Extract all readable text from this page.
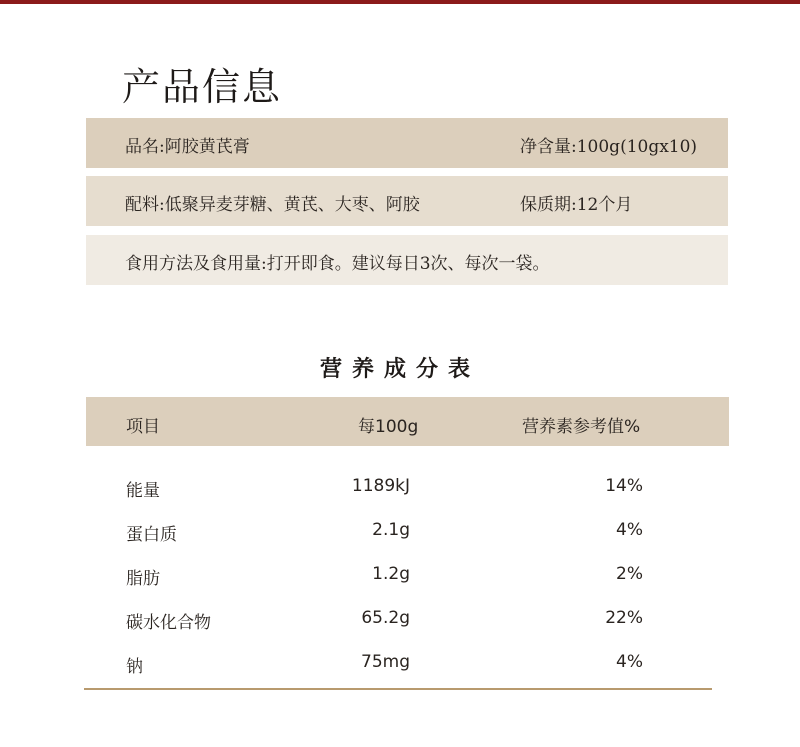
产品信息
品名:阿胶黄芪膏	净含量:100g(10gx10)
配料:低聚异麦芽糖、黄芪、大枣、阿胶	保质期:12个月
食用方法及食用量:打开即食。建议每日3次、每次一袋。
营养成分表
项目	每100g	营养素参考值%
能量	1189kJ	14%
蛋白质	2.1g	4%
脂肪	1.2g	2%
碳水化合物	65.2g	22%
钠	75mg	4%
